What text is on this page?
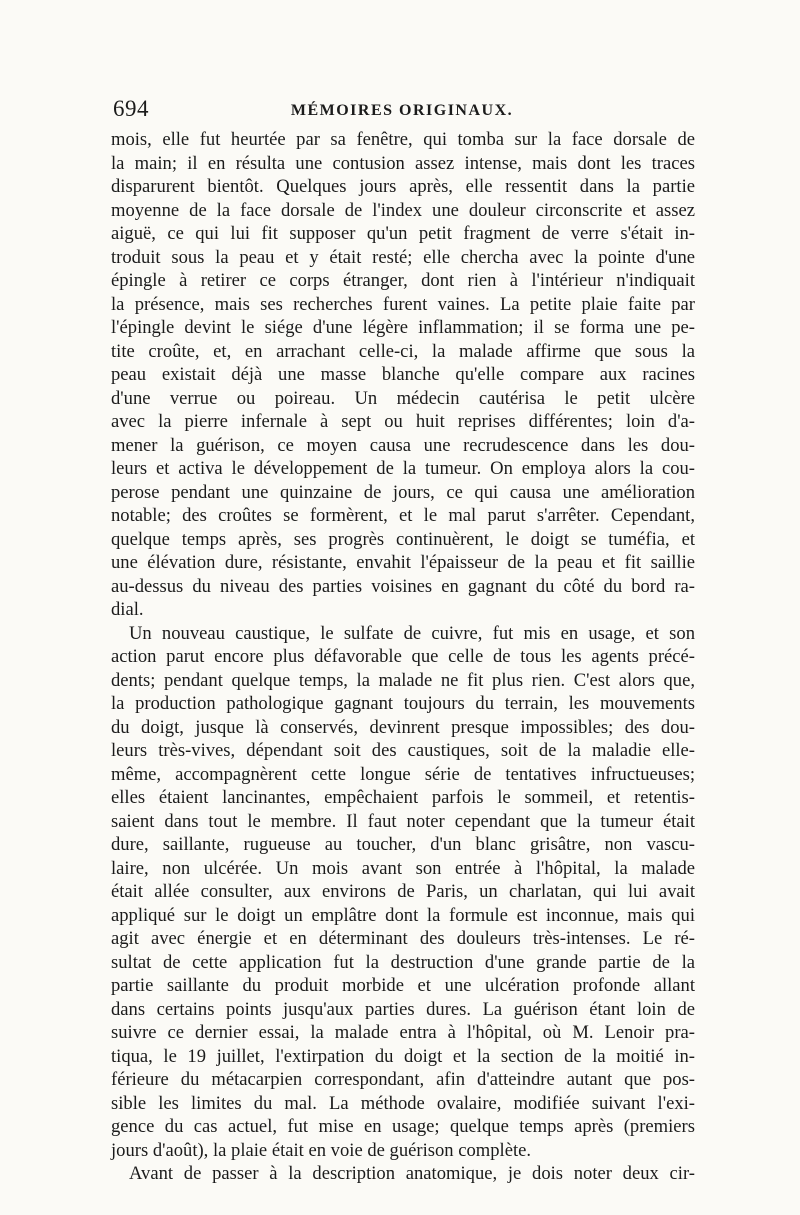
694	MÉMOIRES ORIGINAUX.
mois, elle fut heurtée par sa fenêtre, qui tomba sur la face dorsale de
la main; il en résulta une contusion assez intense, mais dont les traces
disparurent bientôt. Quelques jours après, elle ressentit dans la partie
moyenne de la face dorsale de l'index une douleur circonscrite et assez
aiguë, ce qui lui fit supposer qu'un petit fragment de verre s'était in-
troduit sous la peau et y était resté; elle chercha avec la pointe d'une
épingle à retirer ce corps étranger, dont rien à l'intérieur n'indiquait
la présence, mais ses recherches furent vaines. La petite plaie faite par
l'épingle devint le siége d'une légère inflammation; il se forma une pe-
tite croûte, et, en arrachant celle-ci, la malade affirme que sous la
peau existait déjà une masse blanche qu'elle compare aux racines
d'une verrue ou poireau. Un médecin cautérisa le petit ulcère
avec la pierre infernale à sept ou huit reprises différentes; loin d'a-
mener la guérison, ce moyen causa une recrudescence dans les dou-
leurs et activa le développement de la tumeur. On employa alors la cou-
perose pendant une quinzaine de jours, ce qui causa une amélioration
notable; des croûtes se formèrent, et le mal parut s'arrêter. Cependant,
quelque temps après, ses progrès continuèrent, le doigt se tuméfia, et
une élévation dure, résistante, envahit l'épaisseur de la peau et fit saillie
au-dessus du niveau des parties voisines en gagnant du côté du bord ra-
dial.
Un nouveau caustique, le sulfate de cuivre, fut mis en usage, et son
action parut encore plus défavorable que celle de tous les agents précé-
dents; pendant quelque temps, la malade ne fit plus rien. C'est alors que,
la production pathologique gagnant toujours du terrain, les mouvements
du doigt, jusque là conservés, devinrent presque impossibles; des dou-
leurs très-vives, dépendant soit des caustiques, soit de la maladie elle-
même, accompagnèrent cette longue série de tentatives infructueuses;
elles étaient lancinantes, empêchaient parfois le sommeil, et retentis-
saient dans tout le membre. Il faut noter cependant que la tumeur était
dure, saillante, rugueuse au toucher, d'un blanc grisâtre, non vascu-
laire, non ulcérée. Un mois avant son entrée à l'hôpital, la malade
était allée consulter, aux environs de Paris, un charlatan, qui lui avait
appliqué sur le doigt un emplâtre dont la formule est inconnue, mais qui
agit avec énergie et en déterminant des douleurs très-intenses. Le ré-
sultat de cette application fut la destruction d'une grande partie de la
partie saillante du produit morbide et une ulcération profonde allant
dans certains points jusqu'aux parties dures. La guérison étant loin de
suivre ce dernier essai, la malade entra à l'hôpital, où M. Lenoir pra-
tiqua, le 19 juillet, l'extirpation du doigt et la section de la moitié in-
férieure du métacarpien correspondant, afin d'atteindre autant que pos-
sible les limites du mal. La méthode ovalaire, modifiée suivant l'exi-
gence du cas actuel, fut mise en usage; quelque temps après (premiers
jours d'août), la plaie était en voie de guérison complète.
Avant de passer à la description anatomique, je dois noter deux cir-
